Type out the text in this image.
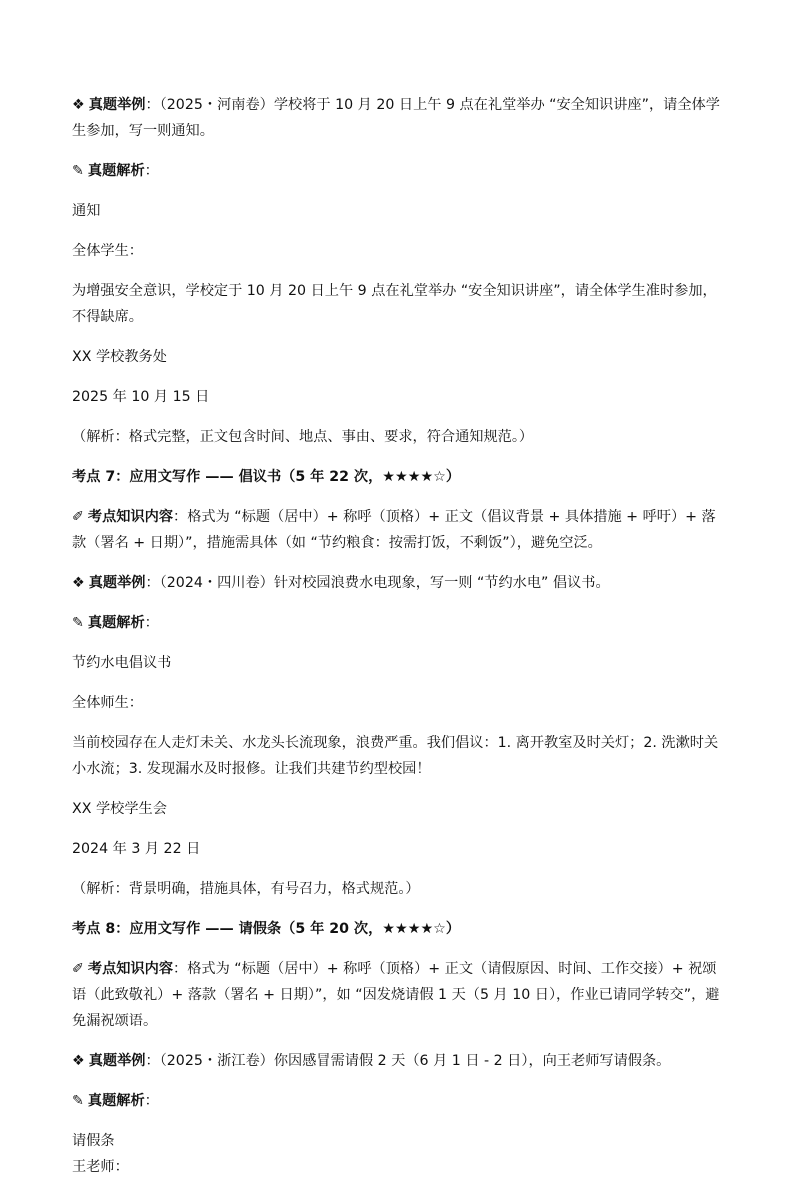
❖ 真题举例：（2025・河南卷）学校将于 10 月 20 日上午 9 点在礼堂举办 “安全知识讲座”，请全体学生参加，写一则通知。

✎ 真题解析：

通知

全体学生：

为增强安全意识，学校定于 10 月 20 日上午 9 点在礼堂举办 “安全知识讲座”，请全体学生准时参加，不得缺席。

XX 学校教务处

2025 年 10 月 15 日

（解析：格式完整，正文包含时间、地点、事由、要求，符合通知规范。）

考点 7：应用文写作 —— 倡议书（5 年 22 次，★★★★☆）

✐ 考点知识内容：格式为 “标题（居中）+ 称呼（顶格）+ 正文（倡议背景 + 具体措施 + 呼吁）+ 落款（署名 + 日期）”，措施需具体（如 “节约粮食：按需打饭，不剩饭”），避免空泛。

❖ 真题举例：（2024・四川卷）针对校园浪费水电现象，写一则 “节约水电” 倡议书。

✎ 真题解析：

节约水电倡议书

全体师生：

当前校园存在人走灯未关、水龙头长流现象，浪费严重。我们倡议：1. 离开教室及时关灯；2. 洗漱时关小水流；3. 发现漏水及时报修。让我们共建节约型校园！

XX 学校学生会

2024 年 3 月 22 日

（解析：背景明确，措施具体，有号召力，格式规范。）

考点 8：应用文写作 —— 请假条（5 年 20 次，★★★★☆）

✐ 考点知识内容：格式为 “标题（居中）+ 称呼（顶格）+ 正文（请假原因、时间、工作交接）+ 祝颂语（此致敬礼）+ 落款（署名 + 日期）”，如 “因发烧请假 1 天（5 月 10 日），作业已请同学转交”，避免漏祝颂语。

❖ 真题举例：（2025・浙江卷）你因感冒需请假 2 天（6 月 1 日 - 2 日），向王老师写请假条。

✎ 真题解析：

请假条

王老师：
